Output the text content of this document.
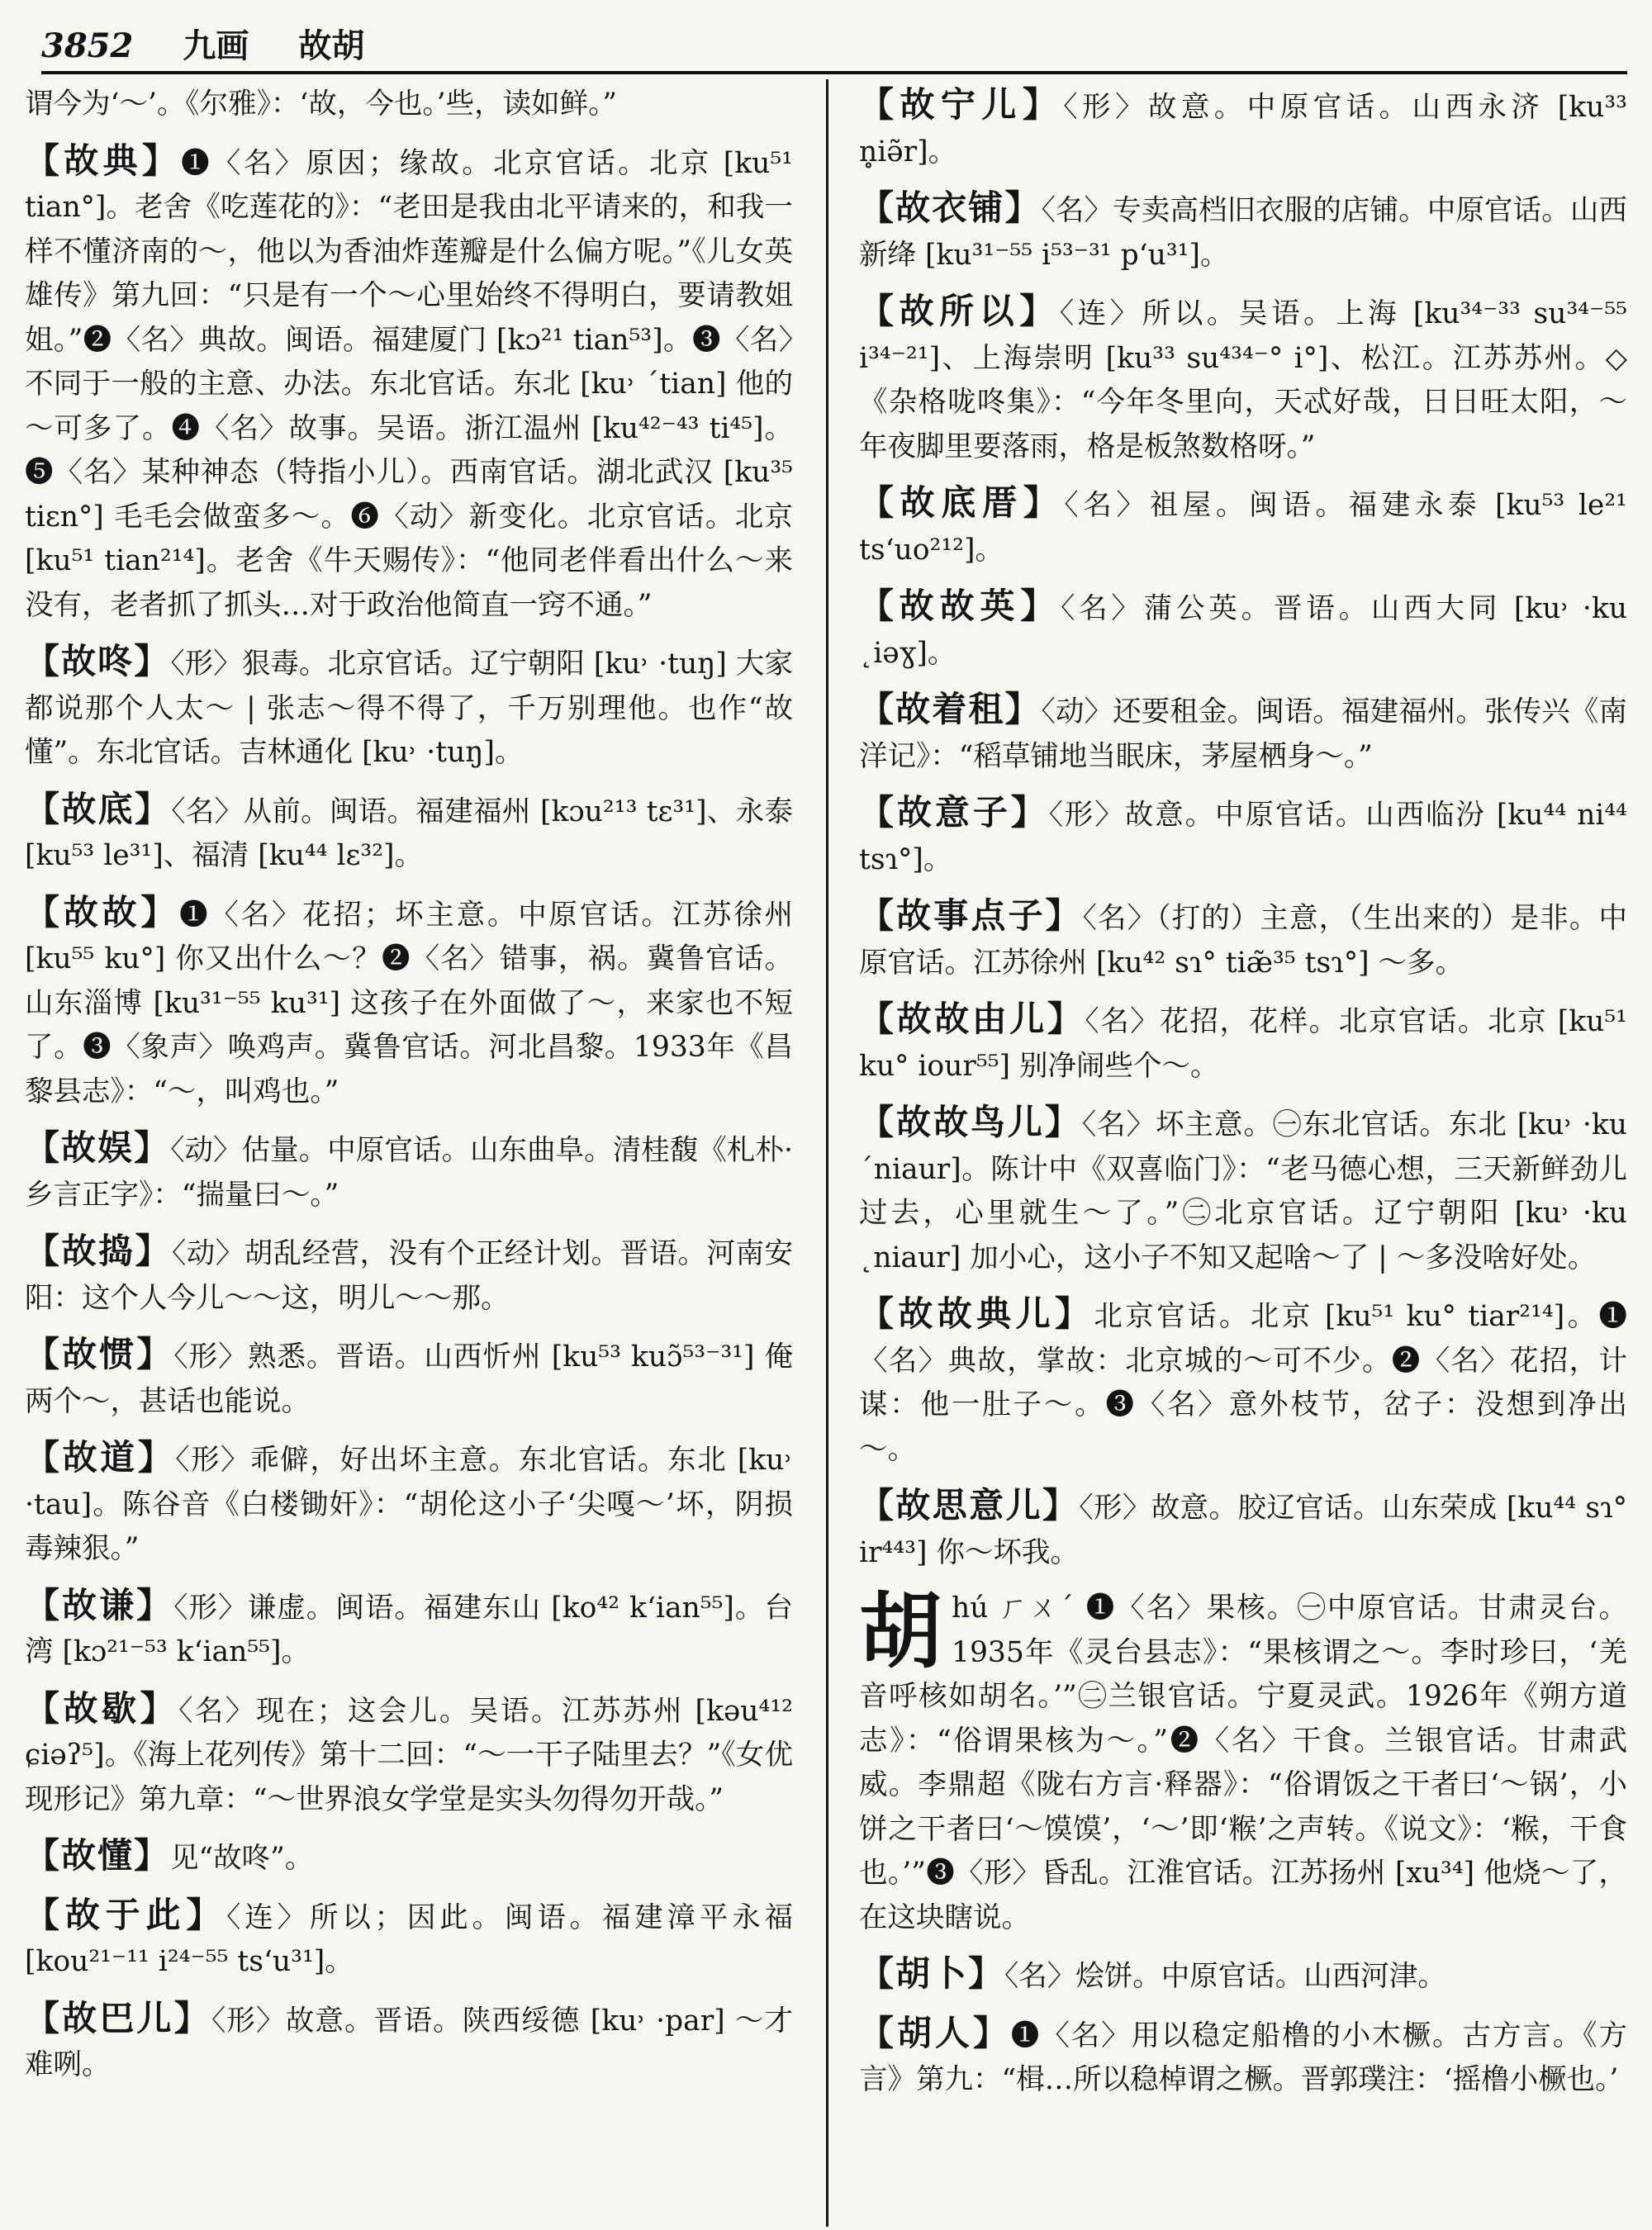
3852 九画 故胡

谓今为‘～’。《尔雅》：‘故，今也。’些，读如鲜。”

【故典】❶〈名〉原因；缘故。北京官话。北京 [ku⁵¹ tian°]。老舍《吃莲花的》：“老田是我由北平请来的，和我一样不懂济南的～，他以为香油炸莲瓣是什么偏方呢。”《儿女英雄传》第九回：“只是有一个～心里始终不得明白，要请教姐姐。”❷〈名〉典故。闽语。福建厦门 [kɔ²¹ tian⁵³]。❸〈名〉不同于一般的主意、办法。东北官话。东北 [ku˒ ˊtian] 他的～可多了。❹〈名〉故事。吴语。浙江温州 [ku⁴²⁻⁴³ ti⁴⁵]。❺〈名〉某种神态（特指小儿）。西南官话。湖北武汉 [ku³⁵ tiɛn°] 毛毛会做蛮多～。❻〈动〉新变化。北京官话。北京 [ku⁵¹ tian²¹⁴]。老舍《牛天赐传》：“他同老伴看出什么～来没有，老者抓了抓头…对于政治他简直一窍不通。”

【故咚】〈形〉狠毒。北京官话。辽宁朝阳 [ku˒ ·tuŋ] 大家都说那个人太～ | 张志～得不得了，千万别理他。也作“故懂”。东北官话。吉林通化 [ku˒ ·tuŋ]。

【故底】〈名〉从前。闽语。福建福州 [kɔu²¹³ tɛ³¹]、永泰 [ku⁵³ le³¹]、福清 [ku⁴⁴ lɛ³²]。

【故故】❶〈名〉花招；坏主意。中原官话。江苏徐州 [ku⁵⁵ ku°] 你又出什么～？❷〈名〉错事，祸。冀鲁官话。山东淄博 [ku³¹⁻⁵⁵ ku³¹] 这孩子在外面做了～，来家也不短了。❸〈象声〉唤鸡声。冀鲁官话。河北昌黎。1933年《昌黎县志》：“～，叫鸡也。”

【故娱】〈动〉估量。中原官话。山东曲阜。清桂馥《札朴·乡言正字》：“揣量曰～。”

【故捣】〈动〉胡乱经营，没有个正经计划。晋语。河南安阳：这个人今儿～～这，明儿～～那。

【故惯】〈形〉熟悉。晋语。山西忻州 [ku⁵³ kuɔ̃⁵³⁻³¹] 俺两个～，甚话也能说。

【故道】〈形〉乖僻，好出坏主意。东北官话。东北 [ku˒ ·tau]。陈谷音《白楼锄奸》：“胡伦这小子‘尖嘎～’坏，阴损毒辣狠。”

【故谦】〈形〉谦虚。闽语。福建东山 [ko⁴² kʻian⁵⁵]。台湾 [kɔ²¹⁻⁵³ kʻian⁵⁵]。

【故歇】〈名〉现在；这会儿。吴语。江苏苏州 [kəu⁴¹² ɕiəʔ⁵]。《海上花列传》第十二回：“～一干子陆里去？”《女优现形记》第九章：“～世界浪女学堂是实头勿得勿开哉。”

【故懂】见“故咚”。

【故于此】〈连〉所以；因此。闽语。福建漳平永福 [kou²¹⁻¹¹ i²⁴⁻⁵⁵ tsʻu³¹]。

【故巴儿】〈形〉故意。晋语。陕西绥德 [ku˒ ·par] ～才难咧。

【故宁儿】〈形〉故意。中原官话。山西永济 [ku³³ n̥iə̃r]。

【故衣铺】〈名〉专卖高档旧衣服的店铺。中原官话。山西新绛 [ku³¹⁻⁵⁵ i⁵³⁻³¹ pʻu³¹]。

【故所以】〈连〉所以。吴语。上海 [ku³⁴⁻³³ su³⁴⁻⁵⁵ i³⁴⁻²¹]、上海崇明 [ku³³ su⁴³⁴⁻° i°]、松江。江苏苏州。◇《杂格咙咚集》：“今年冬里向，天忒好哉，日日旺太阳，～年夜脚里要落雨，格是板煞数格呀。”

【故底厝】〈名〉祖屋。闽语。福建永泰 [ku⁵³ le²¹ tsʻuo²¹²]。

【故故英】〈名〉蒲公英。晋语。山西大同 [ku˒ ·ku ˛iəɣ]。

【故着租】〈动〉还要租金。闽语。福建福州。张传兴《南洋记》：“稻草铺地当眠床，茅屋栖身～。”

【故意子】〈形〉故意。中原官话。山西临汾 [ku⁴⁴ ni⁴⁴ tsɿ°]。

【故事点子】〈名〉（打的）主意，（生出来的）是非。中原官话。江苏徐州 [ku⁴² sɿ° tiæ̃³⁵ tsɿ°] ～多。

【故故由儿】〈名〉花招，花样。北京官话。北京 [ku⁵¹ ku° iour⁵⁵] 别净闹些个～。

【故故鸟儿】〈名〉坏主意。㊀东北官话。东北 [ku˒ ·ku ˊniaur]。陈计中《双喜临门》：“老马德心想，三天新鲜劲儿过去，心里就生～了。”㊁北京官话。辽宁朝阳 [ku˒ ·ku ˛niaur] 加小心，这小子不知又起啥～了 | ～多没啥好处。

【故故典儿】北京官话。北京 [ku⁵¹ ku° tiar²¹⁴]。❶〈名〉典故，掌故：北京城的～可不少。❷〈名〉花招，计谋：他一肚子～。❸〈名〉意外枝节，岔子：没想到净出～。

【故思意儿】〈形〉故意。胶辽官话。山东荣成 [ku⁴⁴ sɿ° ir⁴⁴³] 你～坏我。

胡hú ㄏㄨˊ ❶〈名〉果核。㊀中原官话。甘肃灵台。1935年《灵台县志》：“果核谓之～。李时珍曰，‘羌音呼核如胡名。’”㊁兰银官话。宁夏灵武。1926年《朔方道志》：“俗谓果核为～。”❷〈名〉干食。兰银官话。甘肃武威。李鼎超《陇右方言·释器》：“俗谓饭之干者曰‘～锅’，小饼之干者曰‘～馍馍’，‘～’即‘糇’之声转。《说文》：‘糇，干食也。’”❸〈形〉昏乱。江淮官话。江苏扬州 [xu³⁴] 他烧～了，在这块瞎说。

【胡卜】〈名〉烩饼。中原官话。山西河津。

【胡人】❶〈名〉用以稳定船橹的小木橛。古方言。《方言》第九：“楫…所以稳棹谓之橛。晋郭璞注：‘摇橹小橛也。’
